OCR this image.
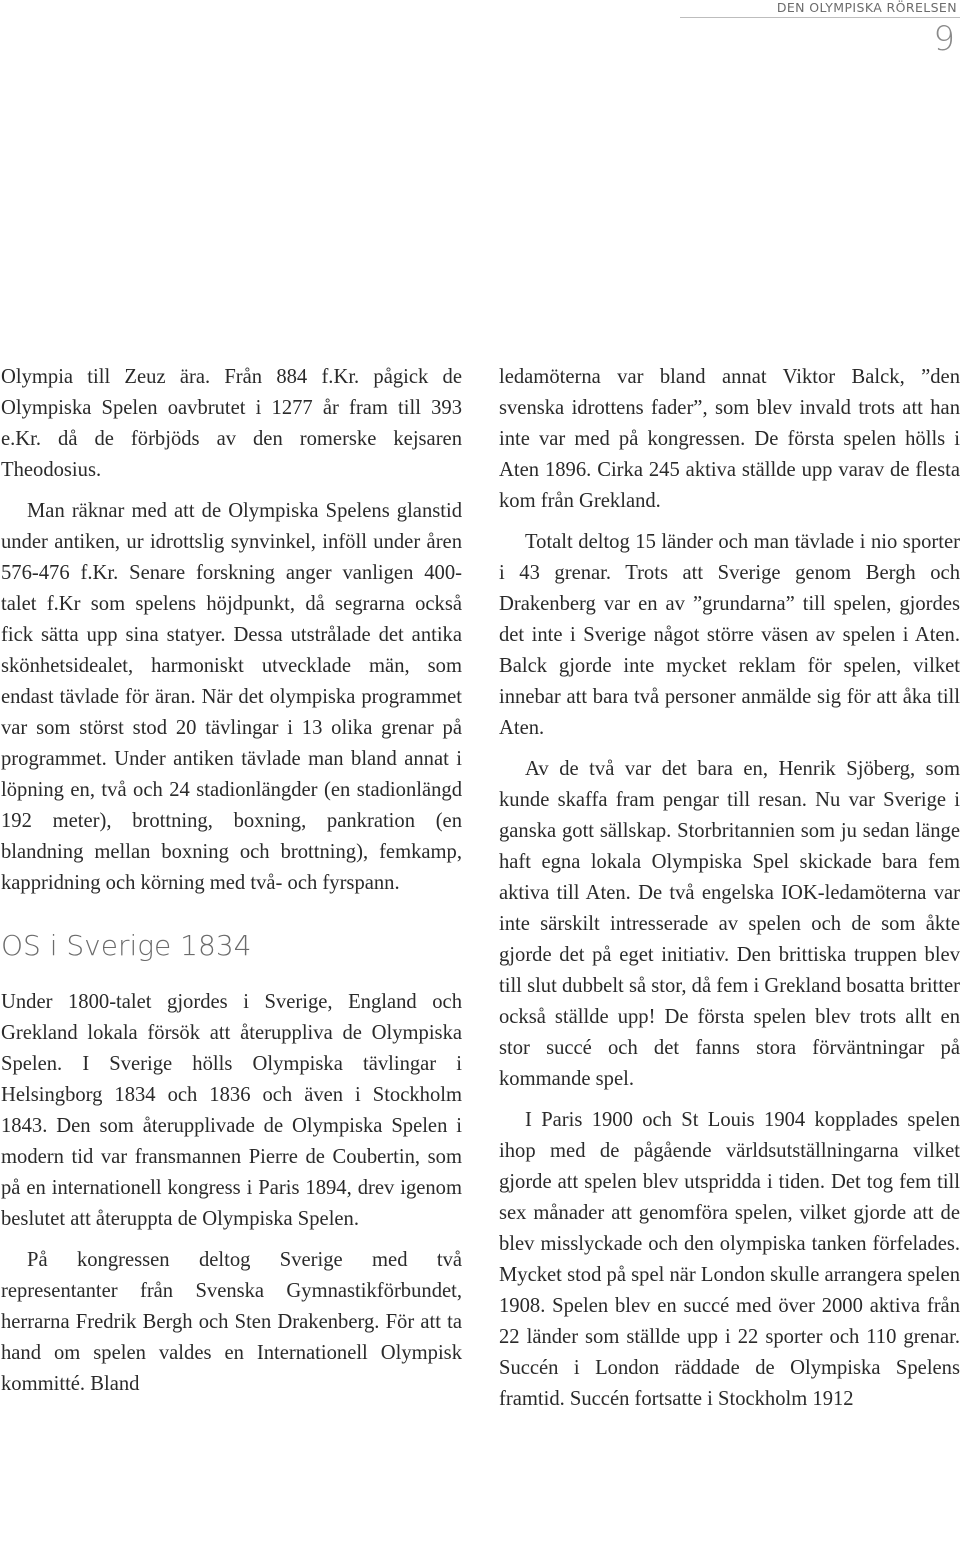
DEN OLYMPISKA RÖRELSEN
9

Olympia till Zeuz ära. Från 884 f.Kr. pågick de Olympiska Spelen oavbrutet i 1277 år fram till 393 e.Kr. då de förbjöds av den romerske kejsaren Theodosius.

Man räknar med att de Olympiska Spelens glanstid under antiken, ur idrottslig synvinkel, inföll under åren 576-476 f.Kr. Senare forskning anger vanligen 400-talet f.Kr som spelens höjdpunkt, då segrarna också fick sätta upp sina statyer. Dessa utstrålade det antika skönhetsidealet, harmoniskt utvecklade män, som endast tävlade för äran. När det olympiska programmet var som störst stod 20 tävlingar i 13 olika grenar på programmet. Under antiken tävlade man bland annat i löpning en, två och 24 stadionlängder (en stadionlängd 192 meter), brottning, boxning, pankration (en blandning mellan boxning och brottning), femkamp, kappridning och körning med två- och fyrspann.

OS i Sverige 1834

Under 1800-talet gjordes i Sverige, England och Grekland lokala försök att återuppliva de Olympiska Spelen. I Sverige hölls Olympiska tävlingar i Helsingborg 1834 och 1836 och även i Stockholm 1843. Den som återupplivade de Olympiska Spelen i modern tid var fransmannen Pierre de Coubertin, som på en internationell kongress i Paris 1894, drev igenom beslutet att återuppta de Olympiska Spelen.

På kongressen deltog Sverige med två representanter från Svenska Gymnastikförbundet, herrarna Fredrik Bergh och Sten Drakenberg. För att ta hand om spelen valdes en Internationell Olympisk kommitté. Bland

ledamöterna var bland annat Viktor Balck, ”den svenska idrottens fader”, som blev invald trots att han inte var med på kongressen. De första spelen hölls i Aten 1896. Cirka 245 aktiva ställde upp varav de flesta kom från Grekland.

Totalt deltog 15 länder och man tävlade i nio sporter i 43 grenar. Trots att Sverige genom Bergh och Drakenberg var en av ”grundarna” till spelen, gjordes det inte i Sverige något större väsen av spelen i Aten. Balck gjorde inte mycket reklam för spelen, vilket innebar att bara två personer anmälde sig för att åka till Aten.

Av de två var det bara en, Henrik Sjöberg, som kunde skaffa fram pengar till resan. Nu var Sverige i ganska gott sällskap. Storbritannien som ju sedan länge haft egna lokala Olympiska Spel skickade bara fem aktiva till Aten. De två engelska IOK-ledamöterna var inte särskilt intresserade av spelen och de som åkte gjorde det på eget initiativ. Den brittiska truppen blev till slut dubbelt så stor, då fem i Grekland bosatta britter också ställde upp! De första spelen blev trots allt en stor succé och det fanns stora förväntningar på kommande spel.

I Paris 1900 och St Louis 1904 kopplades spelen ihop med de pågående världsutställningarna vilket gjorde att spelen blev utspridda i tiden. Det tog fem till sex månader att genomföra spelen, vilket gjorde att de blev misslyckade och den olympiska tanken förfelades. Mycket stod på spel när London skulle arrangera spelen 1908. Spelen blev en succé med över 2000 aktiva från 22 länder som ställde upp i 22 sporter och 110 grenar. Succén i London räddade de Olympiska Spelens framtid. Succén fortsatte i Stockholm 1912
